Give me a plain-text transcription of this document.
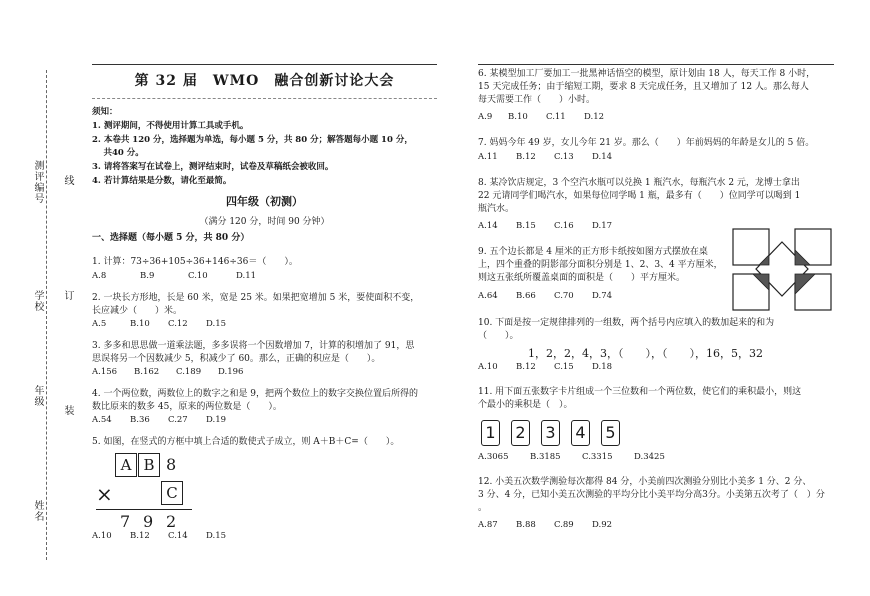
姓名
年级
学校
测评编号
装
订
线
第 32 届　WMO　融合创新讨论大会
须知：
1. 测评期间，不得使用计算工具或手机。
2. 本卷共 120 分，选择题为单选，每小题 5 分，共 80 分；解答题每小题 10 分，
　 共40 分。
3. 请将答案写在试卷上，测评结束时，试卷及草稿纸会被收回。
4. 若计算结果是分数，请化至最简。
四年级（初测）
（满分 120 分，时间 90 分钟）
一、选择题（每小题 5 分，共 80 分）
1. 计算：73÷36+105÷36+146÷36＝（　　）。
A.8	B.9	C.10	D.11
2. 一块长方形地，长是 60 米，宽是 25 米。如果把宽增加 5 米，要使面积不变，
长应减少（　　）米。
A.5	B.10 C.12 D.15
3. 多多和思思做一道乘法题，多多误将一个因数增加 7，计算的积增加了 91，思
思误将另一个因数减少 5，积减少了 60。那么，正确的积应是（　　）。
A.156 B.162 C.189 D.196
4. 一个两位数，两数位上的数字之和是 9，把两个数位上的数字交换位置后所得的
数比原来的数多 45，原来的两位数是（　　）。
A.54 B.36 C.27 D.19
5. 如图，在竖式的方框中填上合适的数使式子成立，则 A＋B＋C=（　　）。
A B 8
×	C
7 9 2
A.10 B.12 C.14 D.15
6. 某模型加工厂要加工一批黑神话悟空的模型，原计划由 18 人，每天工作 8 小时，
15 天完成任务；由于缩短工期，要求 8 天完成任务，且又增加了 12 人。那么每人
每天需要工作（　　）小时。
A.9 B.10 C.11 D.12
7. 妈妈今年 49 岁，女儿今年 21 岁。那么（　　）年前妈妈的年龄是女儿的 5 倍。
A.11 B.12 C.13 D.14
8. 某冷饮店规定，3 个空汽水瓶可以兑换 1 瓶汽水，每瓶汽水 2 元，龙博士拿出
22 元请同学们喝汽水，如果每位同学喝 1 瓶，最多有（　　）位同学可以喝到 1
瓶汽水。
A.14 B.15 C.16 D.17
9. 五个边长都是 4 厘米的正方形卡纸按如图方式摆放在桌
上，四个重叠的阴影部分面积分别是 1、2、3、4 平方厘米，
则这五张纸所覆盖桌面的面积是（　　）平方厘米。
A.64 B.66 C.70 D.74
10. 下面是按一定规律排列的一组数，两个括号内应填入的数加起来的和为
（　　）。
1，2，2，4，3，（　　），（　　），16，5，32
A.10 B.12 C.15 D.18
11. 用下面五张数字卡片组成一个三位数和一个两位数，使它们的乘积最小，则这
个最小的乘积是（　）。
1 2 3 4 5
A.3065	B.3185	C.3315	D.3425
12. 小美五次数学测验每次都得 84 分，小美前四次测验分别比小美多 1 分、2 分、
3 分、4 分，已知小美五次测验的平均分比小美平均分高3分。小美第五次考了（　）分
。
A.87 B.88 C.89 D.92
